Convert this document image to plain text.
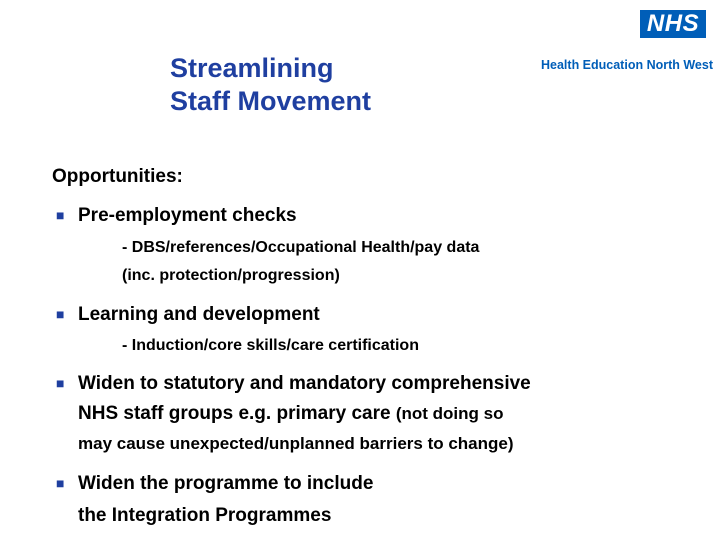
Streamlining
Staff Movement
NHS
Health Education North West
Opportunities:
■ Pre-employment checks
- DBS/references/Occupational Health/pay data
(inc. protection/progression)
■ Learning and development
- Induction/core skills/care certification
■ Widen to statutory and mandatory comprehensive
NHS staff groups e.g. primary care (not doing so
may cause unexpected/unplanned barriers to change)
■ Widen the programme to include
the Integration Programmes
